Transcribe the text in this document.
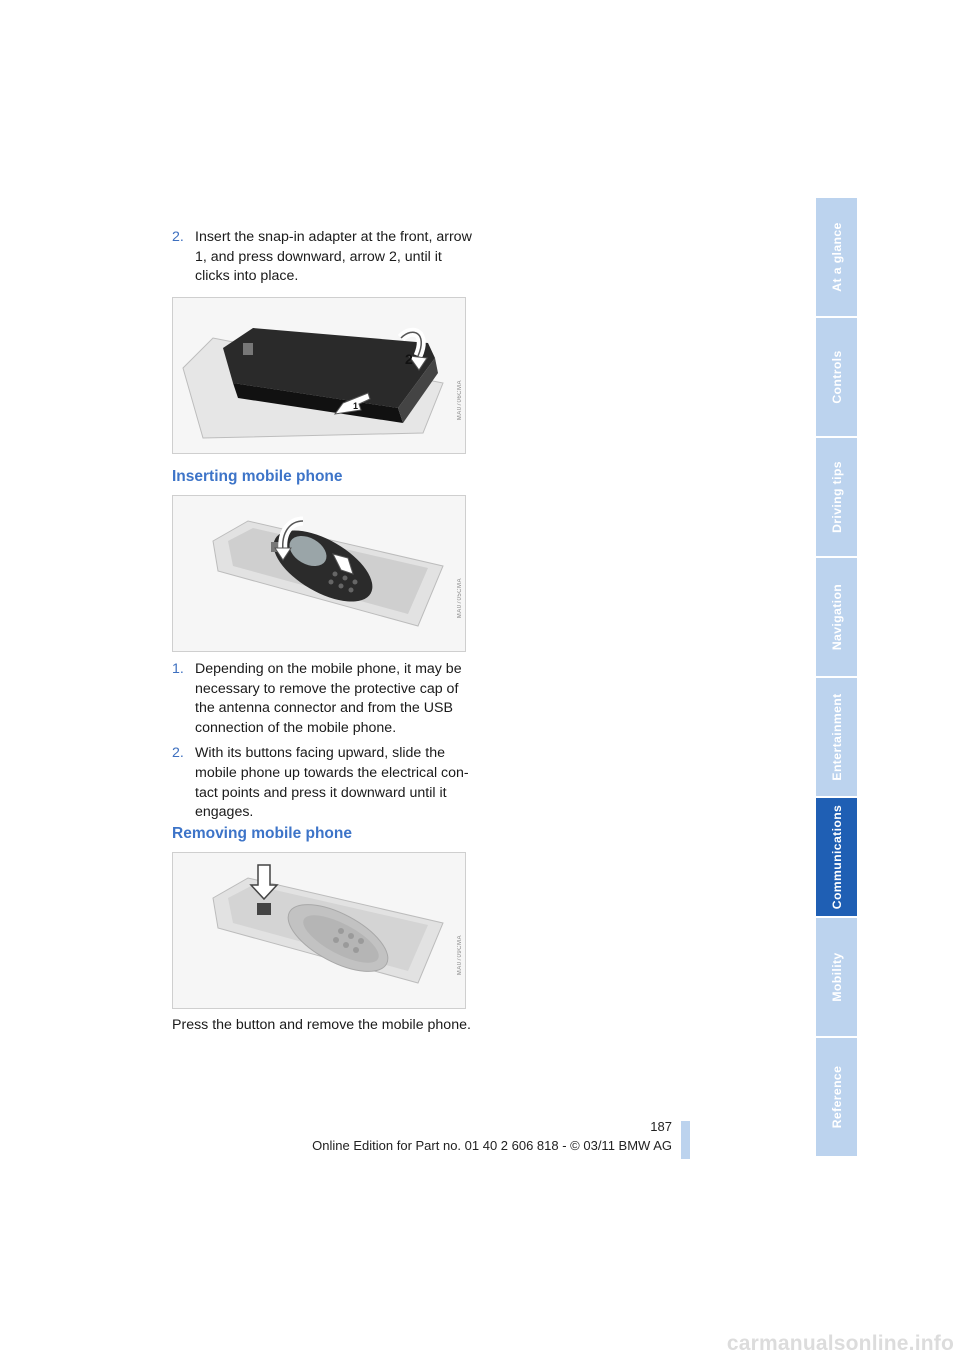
2. Insert the snap-in adapter at the front, arrow 1, and press downward, arrow 2, until it clicks into place.

2
1	MA0706CMA
Inserting mobile phone
MA0705CMA

1. Depending on the mobile phone, it may be necessary to remove the protective cap of the antenna connector and from the USB connection of the mobile phone.

2. With its buttons facing upward, slide the mobile phone up towards the electrical con-tact points and press it downward until it engages.

Removing mobile phone
MA0709CMA

Press the button and remove the mobile phone.

At a glance
Controls
Driving tips
Navigation
Entertainment
Communications
Mobility
Reference
187
Online Edition for Part no. 01 40 2 606 818 - © 03/11 BMW AG
carmanualsonline.info
